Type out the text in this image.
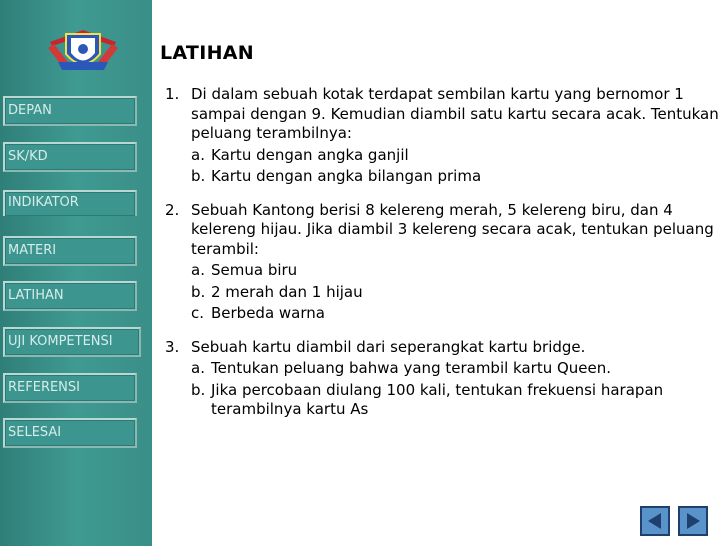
DEPAN
SK/KD
INDIKATOR
MATERI
LATIHAN
UJI KOMPETENSI
REFERENSI
SELESAI
LATIHAN
1. Di dalam sebuah kotak terdapat sembilan kartu yang bernomor 1 sampai dengan 9. Kemudian diambil satu kartu secara acak. Tentukan peluang terambilnya:
a. Kartu dengan angka ganjil
b. Kartu dengan angka bilangan prima
2. Sebuah Kantong berisi 8 kelereng merah, 5 kelereng biru, dan 4 kelereng hijau. Jika diambil 3 kelereng secara acak, tentukan peluang terambil:
a. Semua biru
b. 2 merah dan 1 hijau
c. Berbeda warna
3. Sebuah kartu diambil dari seperangkat kartu bridge.
a. Tentukan peluang bahwa yang terambil kartu Queen.
b. Jika percobaan diulang 100 kali, tentukan frekuensi harapan terambilnya kartu As
